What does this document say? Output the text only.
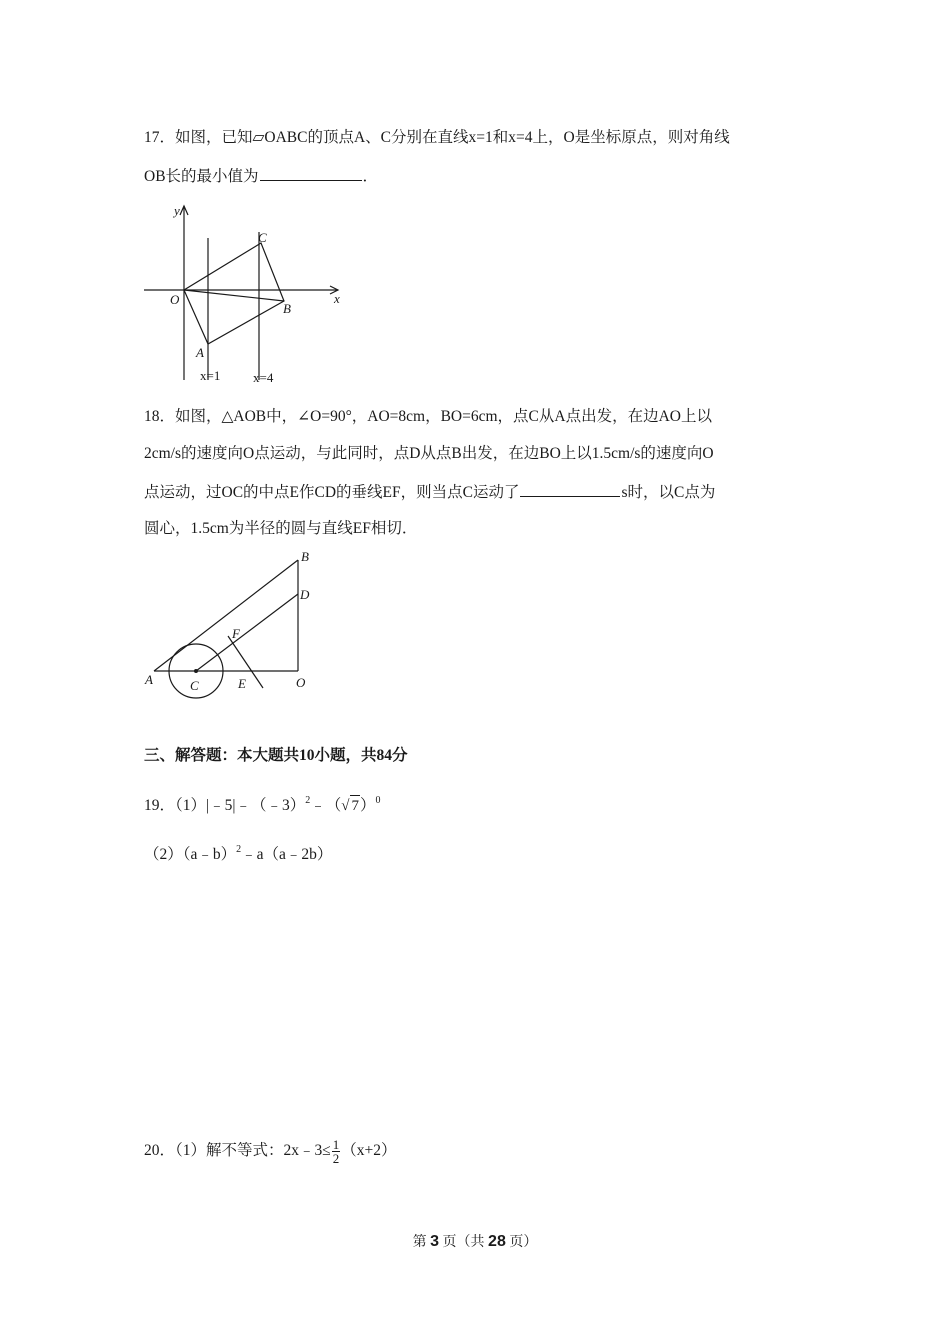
17．如图，已知▱OABC的顶点A、C分别在直线x=1和x=4上，O是坐标原点，则对角线
OB长的最小值为	．
y
x
O
A
B
C
x=1	x=4
18．如图，△AOB中，∠O=90°，AO=8cm，BO=6cm，点C从A点出发，在边AO上以
2cm/s的速度向O点运动，与此同时，点D从点B出发，在边BO上以1.5cm/s的速度向O
点运动，过OC的中点E作CD的垂线EF，则当点C运动了	s时，以C点为
圆心，1.5cm为半径的圆与直线EF相切．
A
B
C
D
E
F
O
三、解答题：本大题共10小题，共84分
19．（1）|﹣5|﹣（﹣3）$^2$﹣（√ 7）$^0$
（2）（a﹣b）$^2$﹣a（a﹣2b）
20．（1）解不等式：2x﹣3≤ $\frac{1}{2} (x+2)$
第 3 页（共 28 页）
